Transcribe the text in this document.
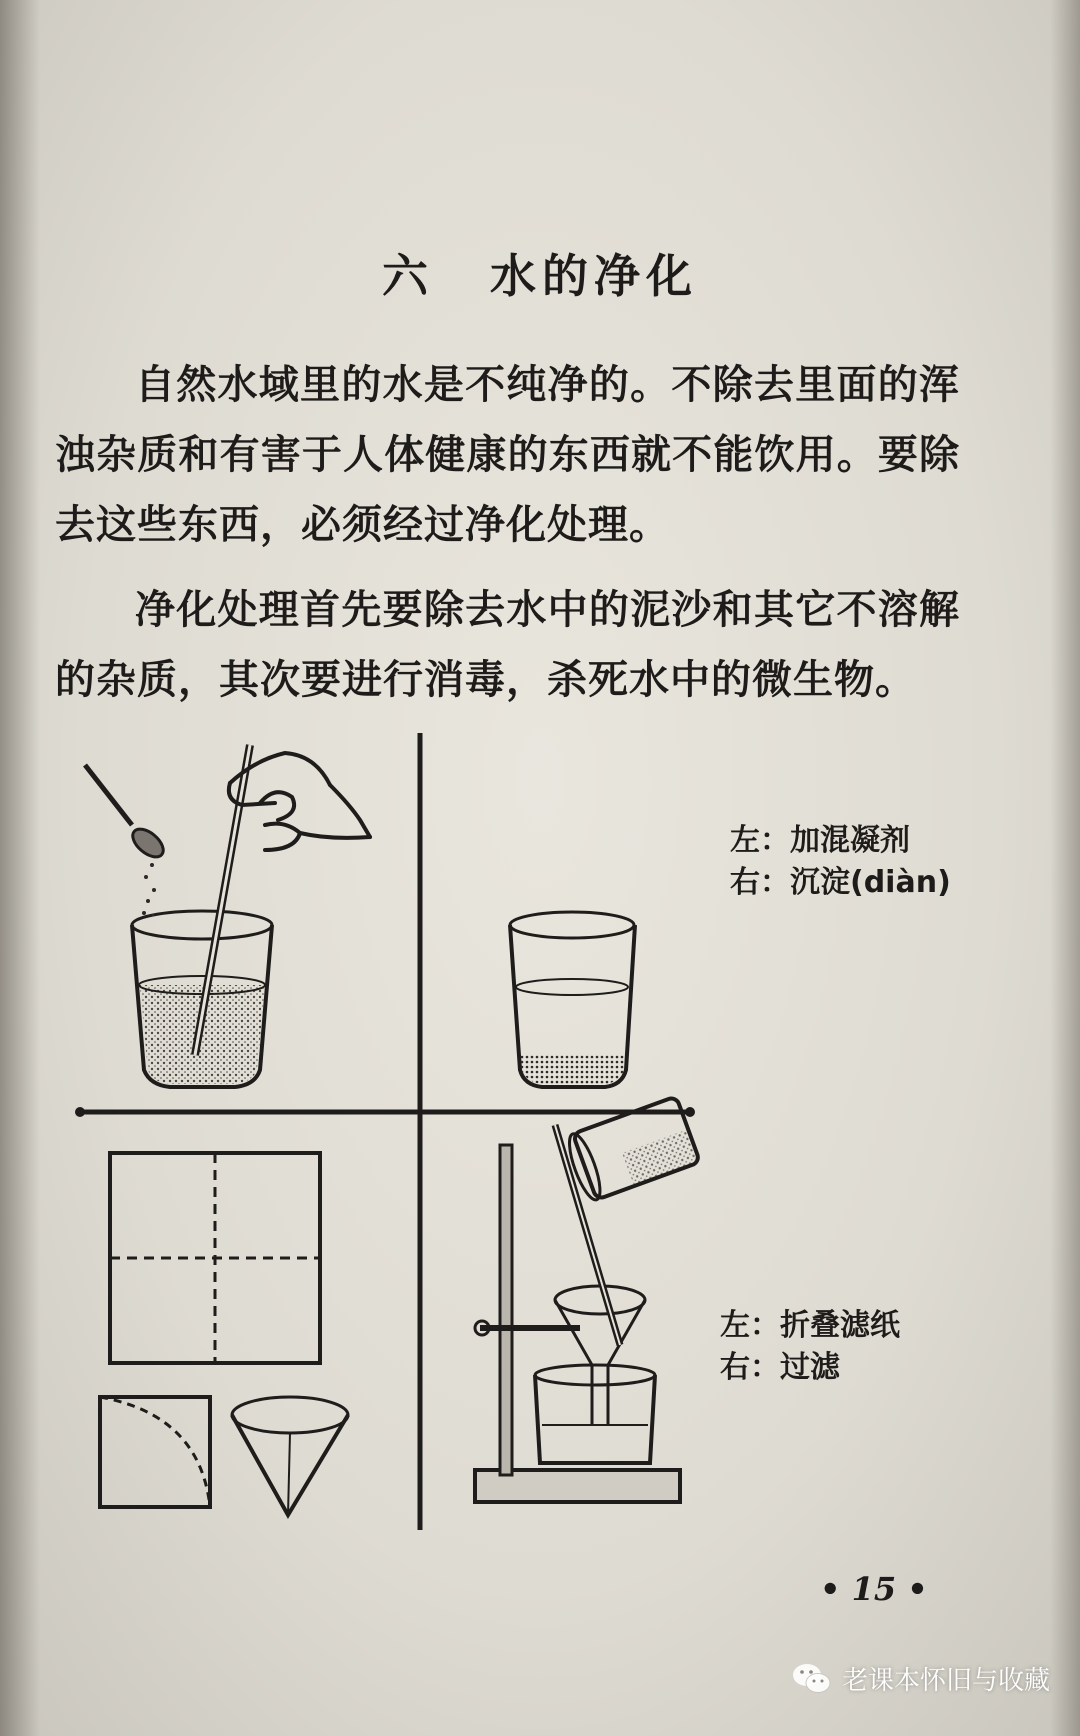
六 水的净化
自然水域里的水是不纯净的。不除去里面的浑浊杂质和有害于人体健康的东西就不能饮用。要除去这些东西，必须经过净化处理。
净化处理首先要除去水中的泥沙和其它不溶解的杂质，其次要进行消毒，杀死水中的微生物。
左：加混凝剂
右：沉淀(diàn)
左：折叠滤纸
右：过滤
• 15 •
老课本怀旧与收藏
